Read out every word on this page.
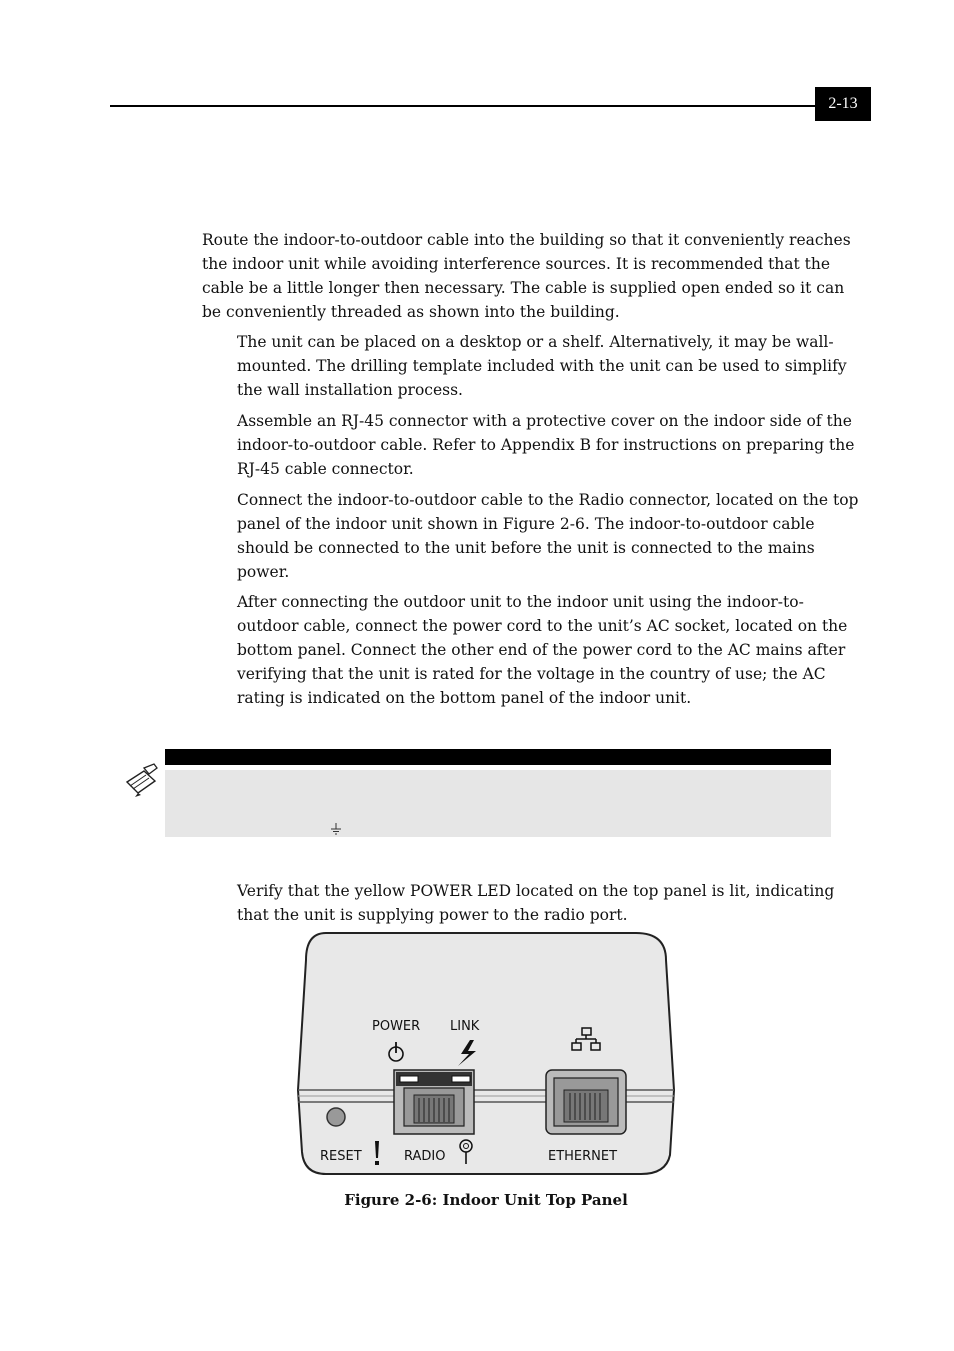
2-13

Route the indoor-to-outdoor cable into the building so that it conveniently reaches the indoor unit while avoiding interference sources. It is recommended that the cable be a little longer then necessary. The cable is supplied open ended so it can be conveniently threaded as shown into the building.

The unit can be placed on a desktop or a shelf. Alternatively, it may be wall-mounted. The drilling template included with the unit can be used to simplify the wall installation process.

Assemble an RJ-45 connector with a protective cover on the indoor side of the indoor-to-outdoor cable. Refer to Appendix B for instructions on preparing the RJ-45 cable connector.

Connect the indoor-to-outdoor cable to the Radio connector, located on the top panel of the indoor unit shown in Figure 2-6. The indoor-to-outdoor cable should be connected to the unit before the unit is connected to the mains power.

After connecting the outdoor unit to the indoor unit using the indoor-to-outdoor cable, connect the power cord to the unit’s AC socket, located on the bottom panel. Connect the other end of the power cord to the AC mains after verifying that the unit is rated for the voltage in the country of use; the AC rating is indicated on the bottom panel of the indoor unit.

Verify that the yellow POWER LED located on the top panel is lit, indicating that the unit is supplying power to the radio port.

POWER LINK
RESET	RADIO	ETHERNET
Figure 2-6: Indoor Unit Top Panel
